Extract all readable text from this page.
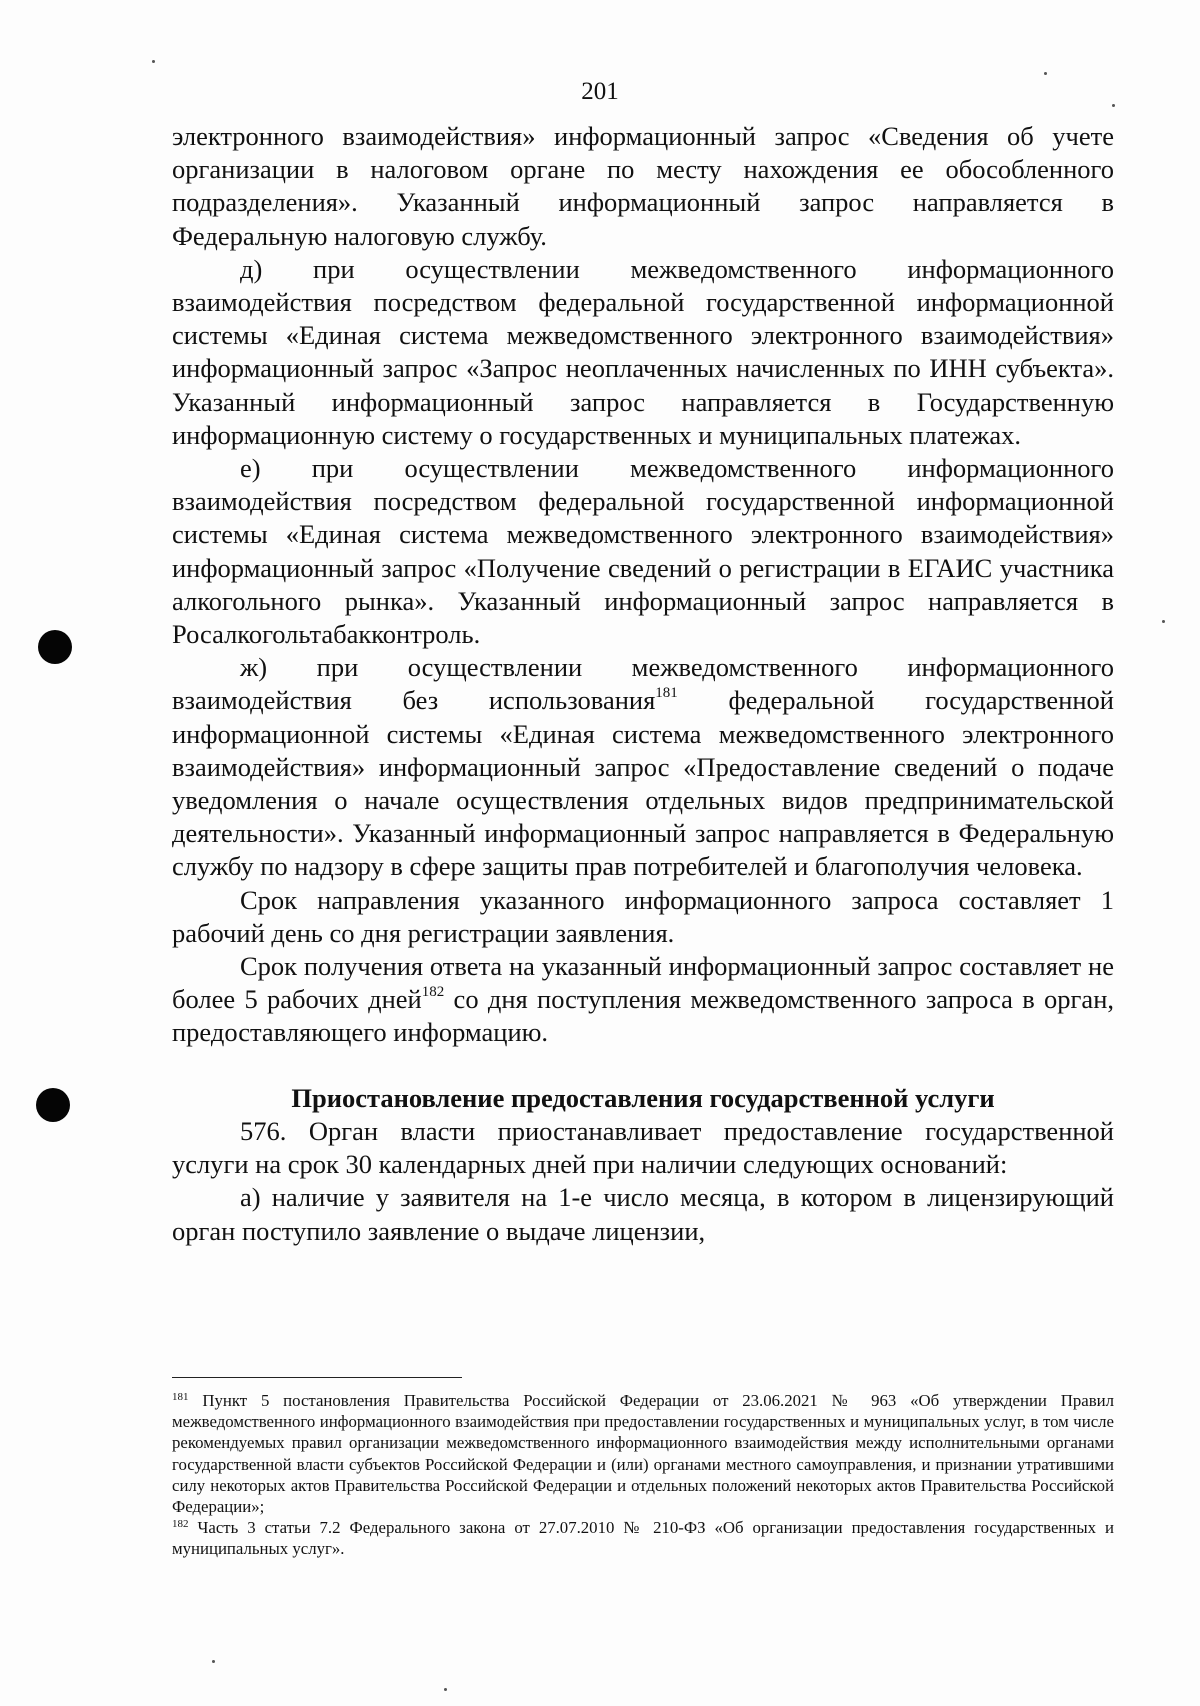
201

электронного взаимодействия» информационный запрос «Сведения об учете организации в налоговом органе по месту нахождения ее обособленного подразделения». Указанный информационный запрос направляется в Федеральную налоговую службу.

д) при осуществлении межведомственного информационного взаимодействия посредством федеральной государственной информационной системы «Единая система межведомственного электронного взаимодействия» информационный запрос «Запрос неоплаченных начисленных по ИНН субъекта». Указанный информационный запрос направляется в Государственную информационную систему о государственных и муниципальных платежах.

е) при осуществлении межведомственного информационного взаимодействия посредством федеральной государственной информационной системы «Единая система межведомственного электронного взаимодействия» информационный запрос «Получение сведений о регистрации в ЕГАИС участника алкогольного рынка». Указанный информационный запрос направляется в Росалкогольтабакконтроль.

ж) при осуществлении межведомственного информационного взаимодействия без использования$^{181}$ федеральной государственной информационной системы «Единая система межведомственного электронного взаимодействия» информационный запрос «Предоставление сведений о подаче уведомления о начале осуществления отдельных видов предпринимательской деятельности». Указанный информационный запрос направляется в Федеральную службу по надзору в сфере защиты прав потребителей и благополучия человека.

Срок направления указанного информационного запроса составляет 1 рабочий день со дня регистрации заявления.

Срок получения ответа на указанный информационный запрос составляет не более 5 рабочих дней$^{182}$ со дня поступления межведомственного запроса в орган, предоставляющего информацию.

Приостановление предоставления государственной услуги

576. Орган власти приостанавливает предоставление государственной услуги на срок 30 календарных дней при наличии следующих оснований:

а) наличие у заявителя на 1-е число месяца, в котором в лицензирующий орган поступило заявление о выдаче лицензии,

$^{181}$ Пункт 5 постановления Правительства Российской Федерации от 23.06.2021 № 963 «Об утверждении Правил межведомственного информационного взаимодействия при предоставлении государственных и муниципальных услуг, в том числе рекомендуемых правил организации межведомственного информационного взаимодействия между исполнительными органами государственной власти субъектов Российской Федерации и (или) органами местного самоуправления, и признании утратившими силу некоторых актов Правительства Российской Федерации и отдельных положений некоторых актов Правительства Российской Федерации»;

$^{182}$ Часть 3 статьи 7.2 Федерального закона от 27.07.2010 № 210-ФЗ «Об организации предоставления государственных и муниципальных услуг».
